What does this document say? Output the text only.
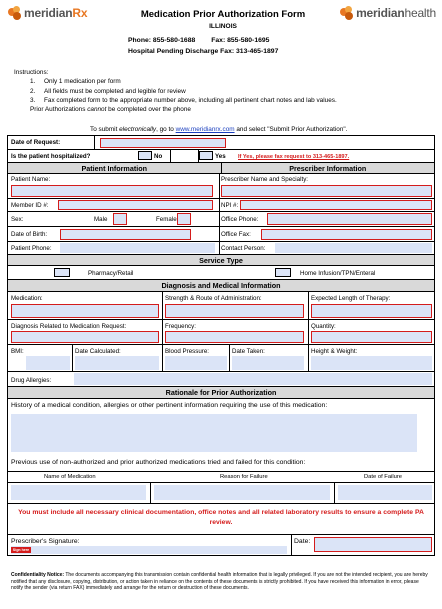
meridianRx	Medication Prior Authorization Form
ILLINOIS
Phone: 855-580-1688 Fax: 855-580-1695
Hospital Pending Discharge Fax: 313-465-1897
meridianhealth
Instructions:
1.	Only 1 medication per form
2.	All fields must be completed and legible for review
3.	Fax completed form to the appropriate number above, including all pertinent chart notes and lab values.
Prior Authorizations cannot be completed over the phone
To submit electronically, go to www.meridianrx.com and select "Submit Prior Authorization".
Date of Request:
Is the patient hospitalized?	No	Yes If Yes, please fax request to 313-465-1897.
Patient Information	Prescriber Information
Patient Name:	Prescriber Name and Specialty:
Member ID #:	NPI #:
Sex:	Male	Female	Office Phone:
Date of Birth:	Office Fax:
Patient Phone:	Contact Person:
Service Type
Pharmacy/Retail	Home Infusion/TPN/Enteral
Diagnosis and Medical Information
Medication:	Strength & Route of Administration:	Expected Length of Therapy:
Diagnosis Related to Medication Request:	Frequency:	Quantity:
BMI:	Date Calculated:	Blood Pressure:	Date Taken:	Height & Weight:
Drug Allergies:
Rationale for Prior Authorization
History of a medical condition, allergies or other pertinent information requiring the use of this medication:
Previous use of non-authorized and prior authorized medications tried and failed for this condition:
Name of Medication	Reason for Failure	Date of Failure
You must include all necessary clinical documentation, office notes and all related laboratory results to ensure a complete PA review.
Prescriber's Signature:
Sign here
Date:
Confidentiality Notice: The documents accompanying this transmission contain confidential health information that is legally privileged. If you are not the intended recipient, you are hereby notified that any disclosure, copying, distribution, or action taken in reliance on the contents of these documents is strictly prohibited. If you have received this information in error, please notify the sender (via return FAX) immediately and arrange for the return or destruction of these documents.
